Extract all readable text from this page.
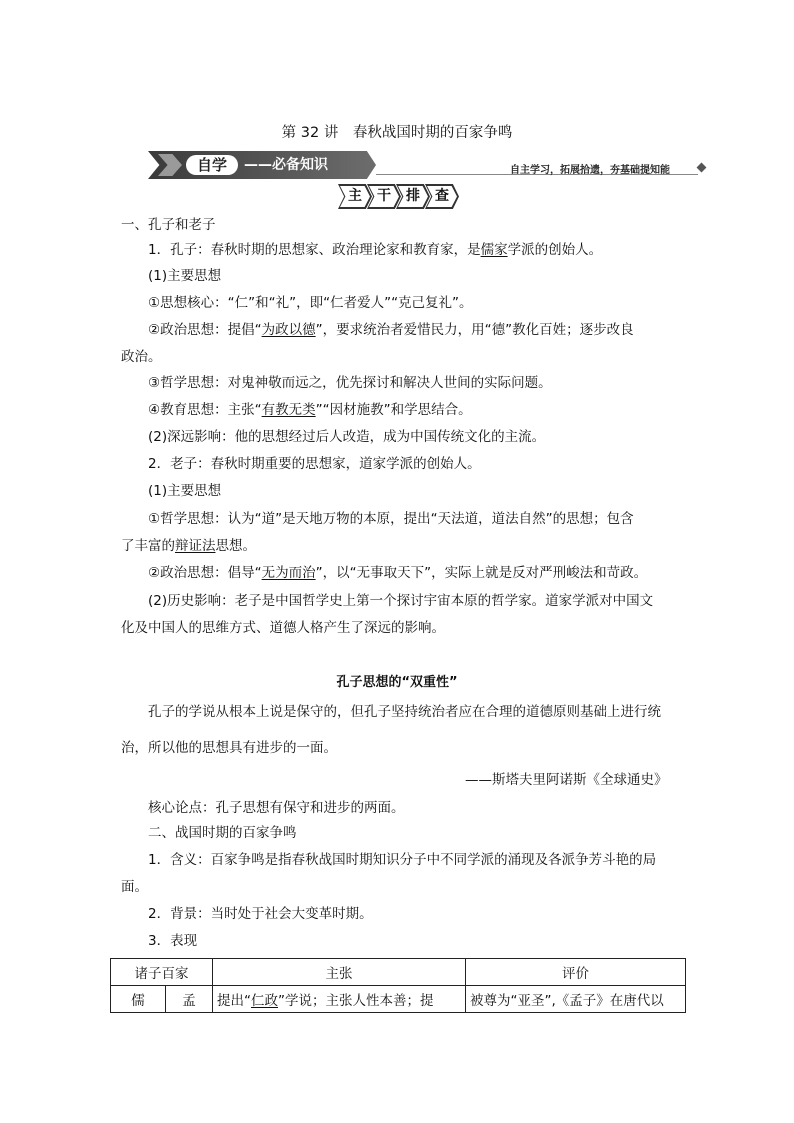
第 32 讲　春秋战国时期的百家争鸣
自学	——必备知识	自主学习，拓展拾遗，夯基础提知能
主	干	排	查
一、孔子和老子
1．孔子：春秋时期的思想家、政治理论家和教育家，是儒家学派的创始人。
(1)主要思想
①思想核心：“仁”和“礼”，即“仁者爱人”“克己复礼”。
②政治思想：提倡“为政以德”，要求统治者爱惜民力，用“德”教化百姓；逐步改良
政治。
③哲学思想：对鬼神敬而远之，优先探讨和解决人世间的实际问题。
④教育思想：主张“有教无类”“因材施教”和学思结合。
(2)深远影响：他的思想经过后人改造，成为中国传统文化的主流。
2．老子：春秋时期重要的思想家，道家学派的创始人。
(1)主要思想
①哲学思想：认为“道”是天地万物的本原，提出“天法道，道法自然”的思想；包含
了丰富的辩证法思想。
②政治思想：倡导“无为而治”，以“无事取天下”，实际上就是反对严刑峻法和苛政。
(2)历史影响：老子是中国哲学史上第一个探讨宇宙本原的哲学家。道家学派对中国文
化及中国人的思维方式、道德人格产生了深远的影响。
孔子思想的“双重性”
孔子的学说从根本上说是保守的，但孔子坚持统治者应在合理的道德原则基础上进行统
治，所以他的思想具有进步的一面。
——斯塔夫里阿诺斯《全球通史》
核心论点：孔子思想有保守和进步的两面。
二、战国时期的百家争鸣
1．含义：百家争鸣是指春秋战国时期知识分子中不同学派的涌现及各派争芳斗艳的局
面。
2．背景：当时处于社会大变革时期。
3．表现
诸子百家		主张	评价
儒	孟	提出“仁政”学说；主张人性本善；提	被尊为“亚圣”,《孟子》在唐代以
